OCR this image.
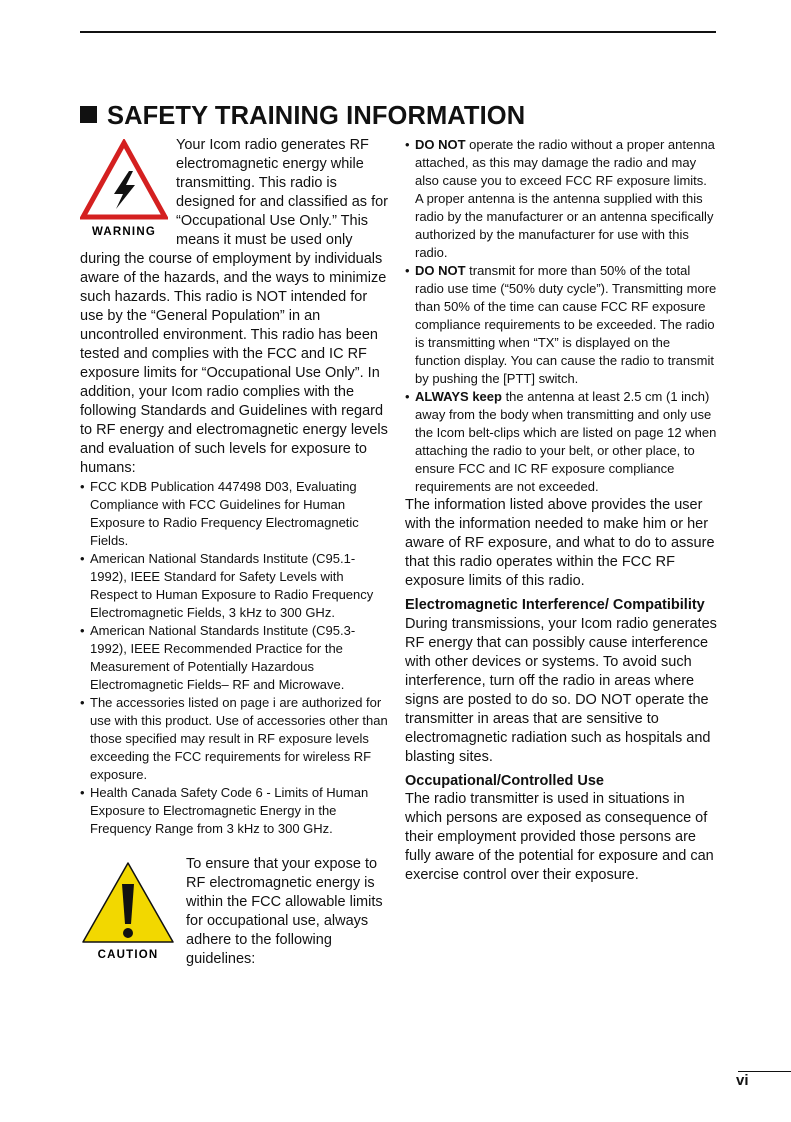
SAFETY TRAINING INFORMATION
WARNING

Your Icom radio generates RF electromagnetic energy while transmitting. This radio is designed for and classified as for “Occupational Use Only.” This means it must be used only during the course of employment by individuals aware of the hazards, and the ways to minimize such hazards. This radio is NOT intended for use by the “General Population” in an uncontrolled environment. This radio has been tested and complies with the FCC and IC RF exposure limits for “Occupational Use Only”. In addition, your Icom radio complies with the following Standards and Guidelines with regard to RF energy and electromagnetic energy levels and evaluation of such levels for exposure to humans:

• FCC KDB Publication 447498 D03, Evaluating Compliance with FCC Guidelines for Human Exposure to Radio Frequency Electromagnetic Fields.
• American National Standards Institute (C95.1-1992), IEEE Standard for Safety Levels with Respect to Human Exposure to Radio Frequency Electromagnetic Fields, 3 kHz to 300 GHz.
• American National Standards Institute (C95.3-1992), IEEE Recommended Practice for the Measurement of Potentially Hazardous Electromagnetic Fields– RF and Microwave.
• The accessories listed on page i are authorized for use with this product. Use of accessories other than those specified may result in RF exposure levels exceeding the FCC requirements for wireless RF exposure.
• Health Canada Safety Code 6 - Limits of Human Exposure to Electromagnetic Energy in the Frequency Range from 3 kHz to 300 GHz.
CAUTION

To ensure that your expose to RF electromagnetic energy is within the FCC allowable limits for occupational use, always adhere to the following guidelines:

• DO NOT operate the radio without a proper antenna attached, as this may damage the radio and may also cause you to exceed FCC RF exposure limits. A proper antenna is the antenna supplied with this radio by the manufacturer or an antenna specifically authorized by the manufacturer for use with this radio.
• DO NOT transmit for more than 50% of the total radio use time (“50% duty cycle”). Transmitting more than 50% of the time can cause FCC RF exposure compliance requirements to be exceeded. The radio is transmitting when “TX” is displayed on the function display. You can cause the radio to transmit by pushing the [PTT] switch.
• ALWAYS keep the antenna at least 2.5 cm (1 inch) away from the body when transmitting and only use the Icom belt-clips which are listed on page 12 when attaching the radio to your belt, or other place, to ensure FCC and IC RF exposure compliance requirements are not exceeded.

The information listed above provides the user with the information needed to make him or her aware of RF exposure, and what to do to assure that this radio operates within the FCC RF exposure limits of this radio.

Electromagnetic Interference/ Compatibility

During transmissions, your Icom radio generates RF energy that can possibly cause interference with other devices or systems. To avoid such interference, turn off the radio in areas where signs are posted to do so. DO NOT operate the transmitter in areas that are sensitive to electromagnetic radiation such as hospitals and blasting sites.

Occupational/Controlled Use

The radio transmitter is used in situations in which persons are exposed as consequence of their employment provided those persons are fully aware of the potential for exposure and can exercise control over their exposure.

vi
